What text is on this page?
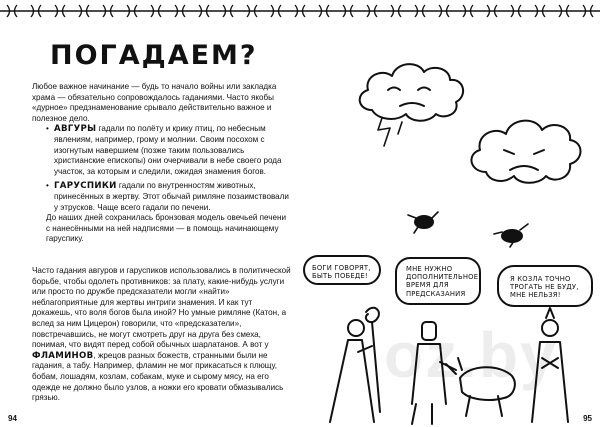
ПОГАДАЕМ?

Любое важное начинание — будь то начало войны или закладка храма — обязательно сопровождалось гаданиями. Часто якобы «дурное» предзнаменование срывало действительно важное и полезное дело.

• АВГУРЫ гадали по полёту и крику птиц, по небесным явлениям, например, грому и молнии. Своим посохом с изогнутым навершием (позже таким пользовались христианские епископы) они очерчивали в небе своего рода участок, за которым и следили, ожидая знамения богов.

• ГАРУСПИКИ гадали по внутренностям животных, принесённых в жертву. Этот обычай римляне позаимствовали у этрусков. Чаще всего гадали по печени.

До наших дней сохранилась бронзовая модель овечьей печени с нанесёнными на ней надписями — в помощь начинающему гаруспику.

Часто гадания авгуров и гаруспиков использовались в политической борьбе, чтобы одолеть противников: за плату, какие-нибудь услуги или просто по дружбе предсказатели могли «найти» неблагоприятные для жертвы интриги знамения. И как тут докажешь, что воля богов была иной? Но умные римляне (Катон, а вслед за ним Цицерон) говорили, что «предсказатели», повстречавшись, не могут смотреть друг на друга без смеха, понимая, что видят перед собой обычных шарлатанов. А вот у ФЛАМИНОВ, жрецов разных божеств, странными были не гадания, а табу. Например, фламин не мог прикасаться к плющу, бобам, лошадям, козлам, собакам, муке и сырому мясу, на его одежде не должно было узлов, а ножки его кровати обмазывались грязью.

94
БОГИ ГОВОРЯТ,
БЫТЬ ПОБЕДЕ!
МНЕ НУЖНО
ДОПОЛНИТЕЛЬНОЕ
ВРЕМЯ ДЛЯ
ПРЕДСКАЗАНИЯ
Я КОЗЛА ТОЧНО
ТРОГАТЬ НЕ БУДУ,
МНЕ НЕЛЬЗЯ!
oz.by
95
